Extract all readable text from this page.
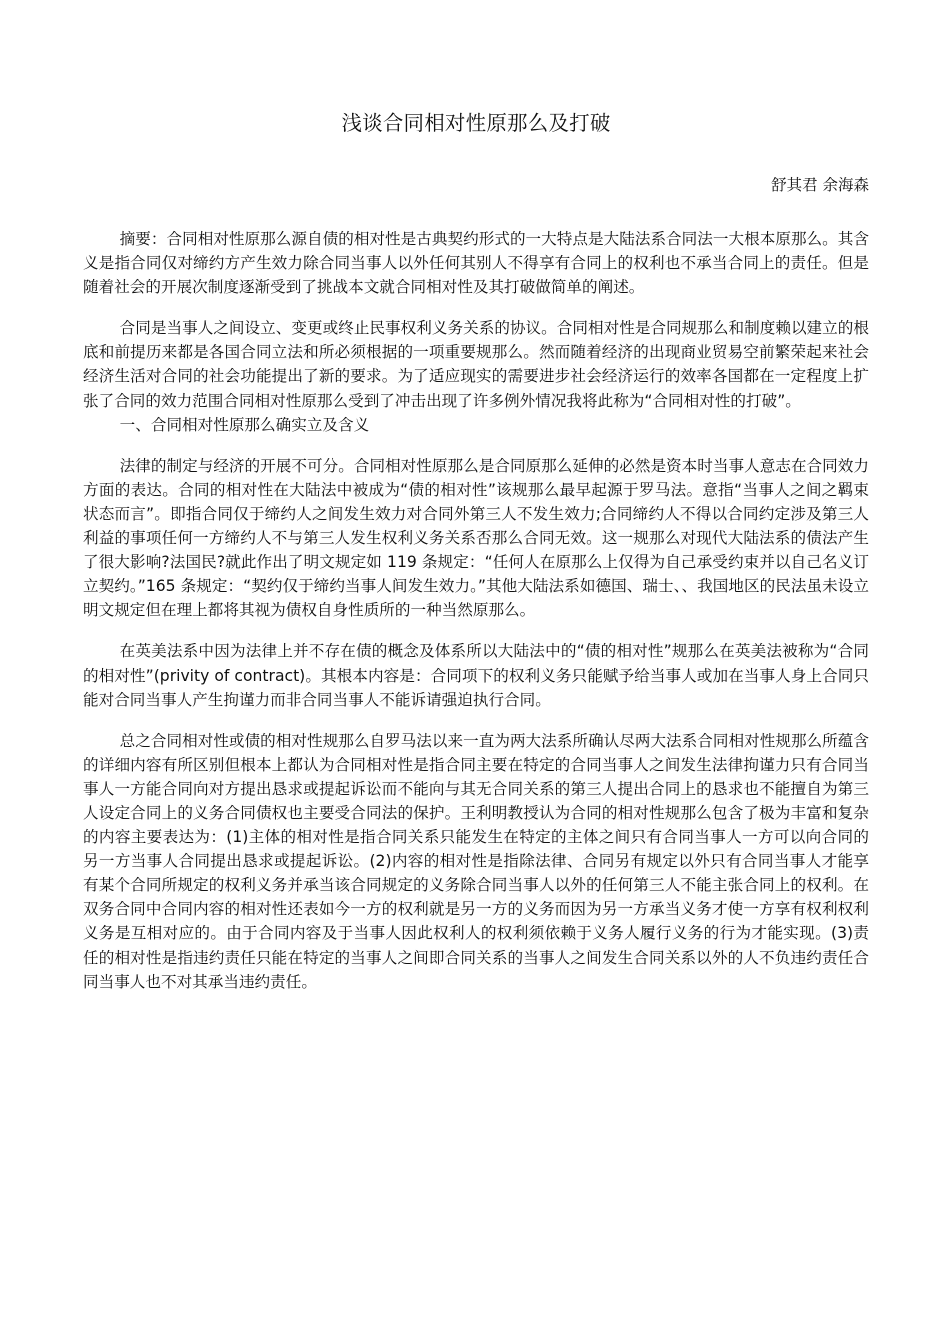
浅谈合同相对性原那么及打破

舒其君 余海森

摘要：合同相对性原那么源自债的相对性是古典契约形式的一大特点是大陆法系合同法一大根本原那么。其含义是指合同仅对缔约方产生效力除合同当事人以外任何其别人不得享有合同上的权利也不承当合同上的责任。但是随着社会的开展次制度逐渐受到了挑战本文就合同相对性及其打破做简单的阐述。

合同是当事人之间设立、变更或终止民事权利义务关系的协议。合同相对性是合同规那么和制度赖以建立的根底和前提历来都是各国合同立法和所必须根据的一项重要规那么。然而随着经济的出现商业贸易空前繁荣起来社会经济生活对合同的社会功能提出了新的要求。为了适应现实的需要进步社会经济运行的效率各国都在一定程度上扩张了合同的效力范围合同相对性原那么受到了冲击出现了许多例外情况我将此称为“合同相对性的打破”。

一、合同相对性原那么确实立及含义

法律的制定与经济的开展不可分。合同相对性原那么是合同原那么延伸的必然是资本时当事人意志在合同效力方面的表达。合同的相对性在大陆法中被成为“债的相对性”该规那么最早起源于罗马法。意指“当事人之间之羁束状态而言”。即指合同仅于缔约人之间发生效力对合同外第三人不发生效力;合同缔约人不得以合同约定涉及第三人利益的事项任何一方缔约人不与第三人发生权利义务关系否那么合同无效。这一规那么对现代大陆法系的债法产生了很大影响?法国民?就此作出了明文规定如 119 条规定：“任何人在原那么上仅得为自己承受约束并以自己名义订立契约。”165 条规定：“契约仅于缔约当事人间发生效力。”其他大陆法系如德国、瑞士、、我国地区的民法虽未设立明文规定但在理上都将其视为债权自身性质所的一种当然原那么。

在英美法系中因为法律上并不存在债的概念及体系所以大陆法中的“债的相对性”规那么在英美法被称为“合同的相对性”(privity of contract)。其根本内容是：合同项下的权利义务只能赋予给当事人或加在当事人身上合同只能对合同当事人产生拘谨力而非合同当事人不能诉请强迫执行合同。

总之合同相对性或债的相对性规那么自罗马法以来一直为两大法系所确认尽两大法系合同相对性规那么所蕴含的详细内容有所区别但根本上都认为合同相对性是指合同主要在特定的合同当事人之间发生法律拘谨力只有合同当事人一方能合同向对方提出恳求或提起诉讼而不能向与其无合同关系的第三人提出合同上的恳求也不能擅自为第三人设定合同上的义务合同债权也主要受合同法的保护。王利明教授认为合同的相对性规那么包含了极为丰富和复杂的内容主要表达为：(1)主体的相对性是指合同关系只能发生在特定的主体之间只有合同当事人一方可以向合同的另一方当事人合同提出恳求或提起诉讼。(2)内容的相对性是指除法律、合同另有规定以外只有合同当事人才能享有某个合同所规定的权利义务并承当该合同规定的义务除合同当事人以外的任何第三人不能主张合同上的权利。在双务合同中合同内容的相对性还表如今一方的权利就是另一方的义务而因为另一方承当义务才使一方享有权利权利义务是互相对应的。由于合同内容及于当事人因此权利人的权利须依赖于义务人履行义务的行为才能实现。(3)责任的相对性是指违约责任只能在特定的当事人之间即合同关系的当事人之间发生合同关系以外的人不负违约责任合同当事人也不对其承当违约责任。
